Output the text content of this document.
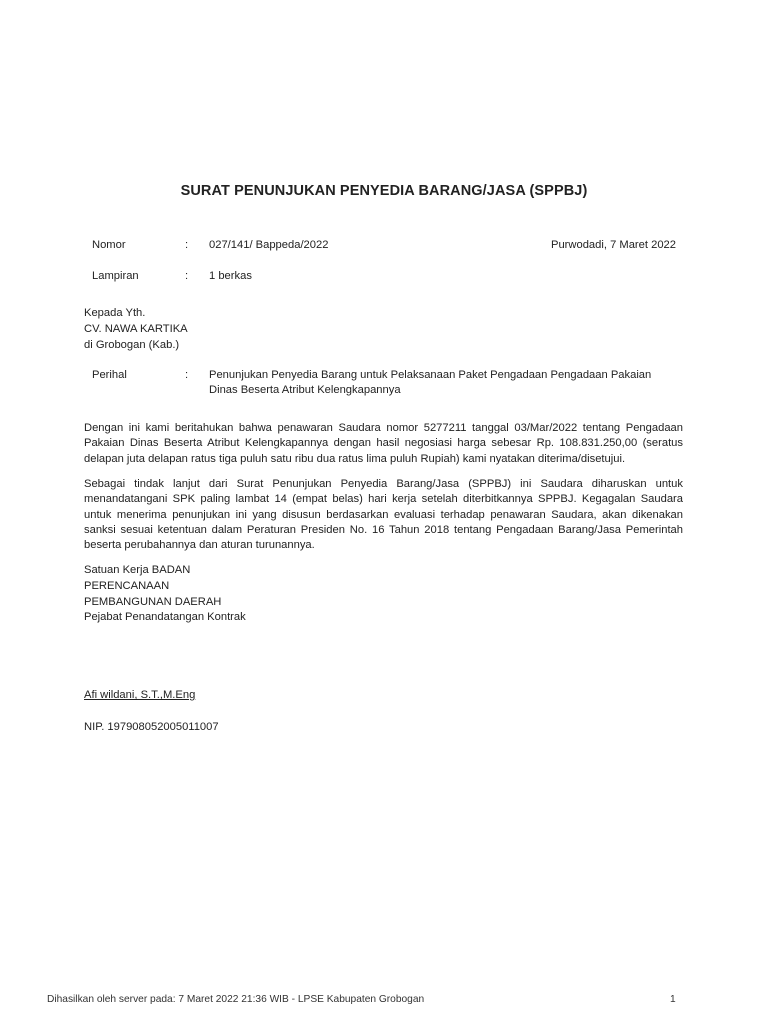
SURAT PENUNJUKAN PENYEDIA BARANG/JASA (SPPBJ)
Nomor	: 027/141/ Bappeda/2022	Purwodadi, 7 Maret 2022
Lampiran	: 1 berkas
Kepada Yth.
CV. NAWA KARTIKA
di Grobogan (Kab.)
Perihal	: Penunjukan Penyedia Barang untuk Pelaksanaan Paket Pengadaan Pengadaan Pakaian Dinas Beserta Atribut Kelengkapannya
Dengan ini kami beritahukan bahwa penawaran Saudara nomor 5277211 tanggal 03/Mar/2022 tentang Pengadaan Pakaian Dinas Beserta Atribut Kelengkapannya dengan hasil negosiasi harga sebesar Rp. 108.831.250,00 (seratus delapan juta delapan ratus tiga puluh satu ribu dua ratus lima puluh Rupiah) kami nyatakan diterima/disetujui.
Sebagai tindak lanjut dari Surat Penunjukan Penyedia Barang/Jasa (SPPBJ) ini Saudara diharuskan untuk menandatangani SPK paling lambat 14 (empat belas) hari kerja setelah diterbitkannya SPPBJ. Kegagalan Saudara untuk menerima penunjukan ini yang disusun berdasarkan evaluasi terhadap penawaran Saudara, akan dikenakan sanksi sesuai ketentuan dalam Peraturan Presiden No. 16 Tahun 2018 tentang Pengadaan Barang/Jasa Pemerintah beserta perubahannya dan aturan turunannya.
Satuan Kerja BADAN
PERENCANAAN
PEMBANGUNAN DAERAH
Pejabat Penandatangan Kontrak
Afi wildani, S.T.,M.Eng
NIP. 197908052005011007
Dihasilkan oleh server pada: 7 Maret 2022 21:36 WIB - LPSE Kabupaten Grobogan	1
